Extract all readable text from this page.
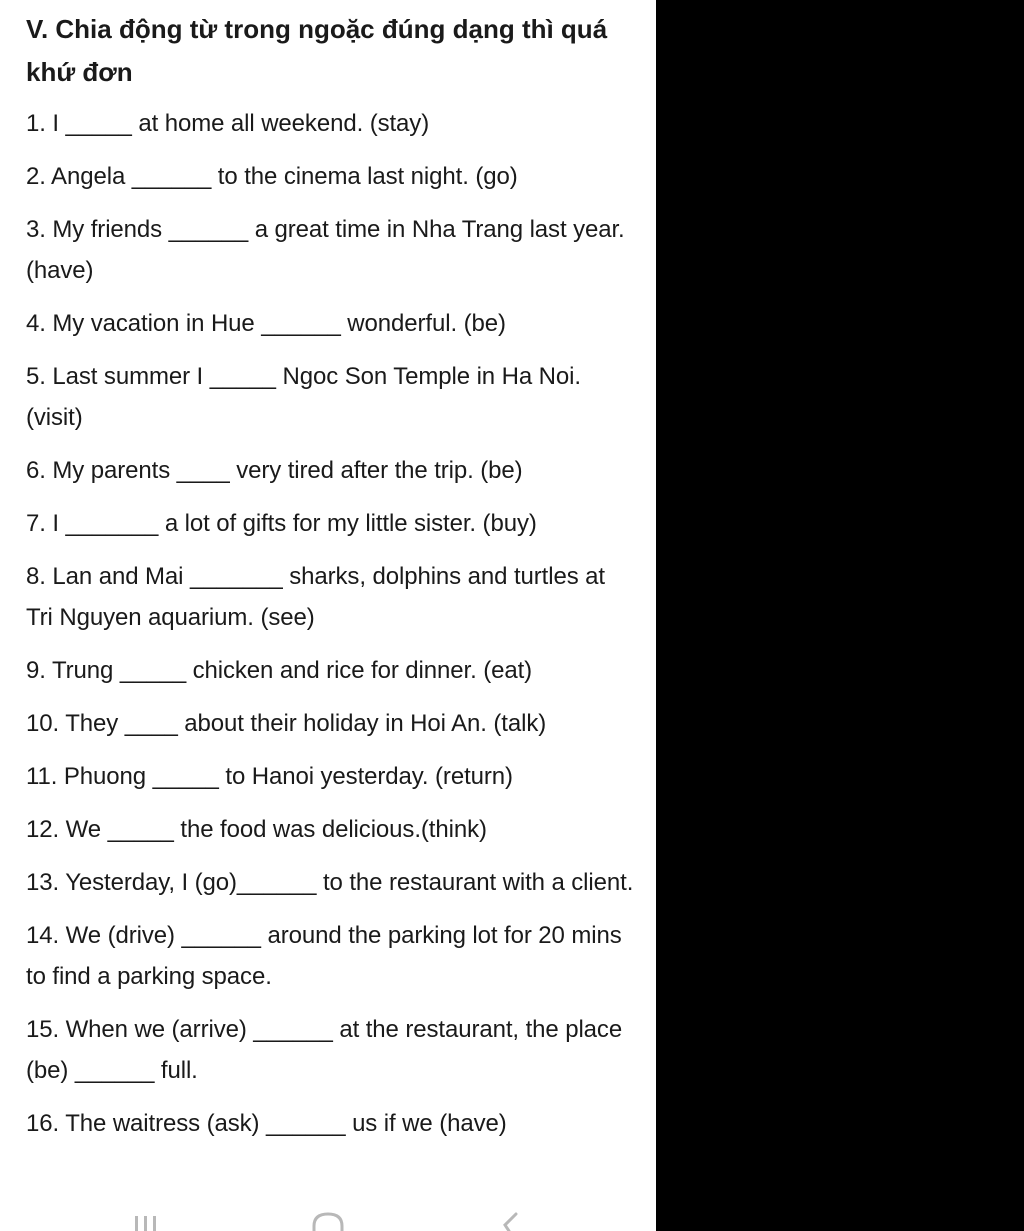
V. Chia động từ trong ngoặc đúng dạng thì quá khứ đơn
1. I _____ at home all weekend. (stay)
2. Angela ______ to the cinema last night. (go)
3. My friends ______ a great time in Nha Trang last year. (have)
4. My vacation in Hue ______ wonderful. (be)
5. Last summer I _____ Ngoc Son Temple in Ha Noi. (visit)
6. My parents ____ very tired after the trip. (be)
7. I _______ a lot of gifts for my little sister. (buy)
8. Lan and Mai _______ sharks, dolphins and turtles at Tri Nguyen aquarium. (see)
9. Trung _____ chicken and rice for dinner. (eat)
10. They ____ about their holiday in Hoi An. (talk)
11. Phuong _____ to Hanoi yesterday. (return)
12. We _____ the food was delicious.(think)
13. Yesterday, I (go)______ to the restaurant with a client.
14. We (drive) ______ around the parking lot for 20 mins to find a parking space.
15. When we (arrive) ______ at the restaurant, the place (be) ______ full.
16. The waitress (ask) ______ us if we (have)
